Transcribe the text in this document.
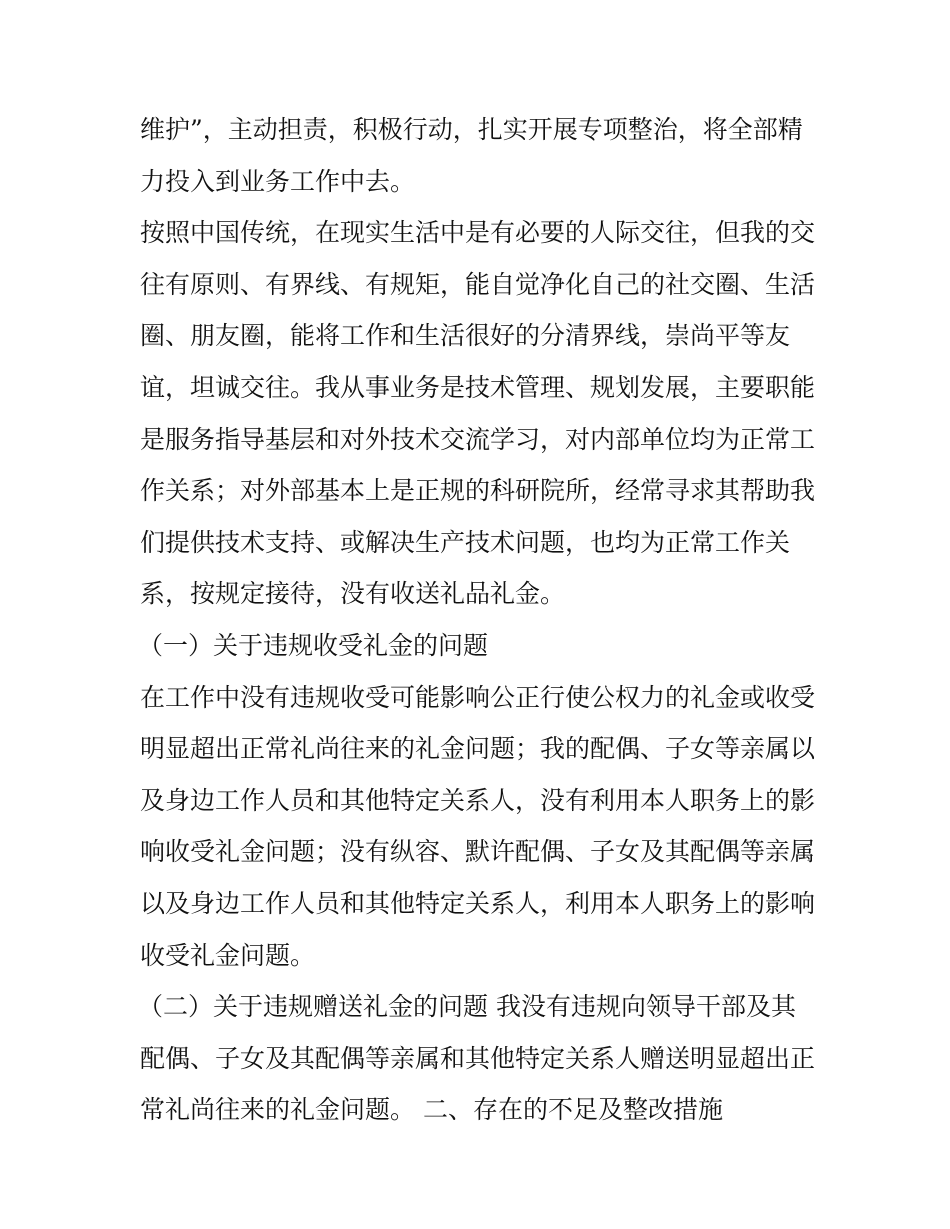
维护”，主动担责，积极行动，扎实开展专项整治，将全部精
力投入到业务工作中去。
按照中国传统，在现实生活中是有必要的人际交往，但我的交
往有原则、有界线、有规矩，能自觉净化自己的社交圈、生活
圈、朋友圈，能将工作和生活很好的分清界线，崇尚平等友
谊，坦诚交往。我从事业务是技术管理、规划发展，主要职能
是服务指导基层和对外技术交流学习，对内部单位均为正常工
作关系；对外部基本上是正规的科研院所，经常寻求其帮助我
们提供技术支持、或解决生产技术问题，也均为正常工作关
系，按规定接待，没有收送礼品礼金。
（一）关于违规收受礼金的问题
在工作中没有违规收受可能影响公正行使公权力的礼金或收受
明显超出正常礼尚往来的礼金问题；我的配偶、子女等亲属以
及身边工作人员和其他特定关系人，没有利用本人职务上的影
响收受礼金问题；没有纵容、默许配偶、子女及其配偶等亲属
以及身边工作人员和其他特定关系人，利用本人职务上的影响
收受礼金问题。
（二）关于违规赠送礼金的问题 我没有违规向领导干部及其
配偶、子女及其配偶等亲属和其他特定关系人赠送明显超出正
常礼尚往来的礼金问题。 二、存在的不足及整改措施
